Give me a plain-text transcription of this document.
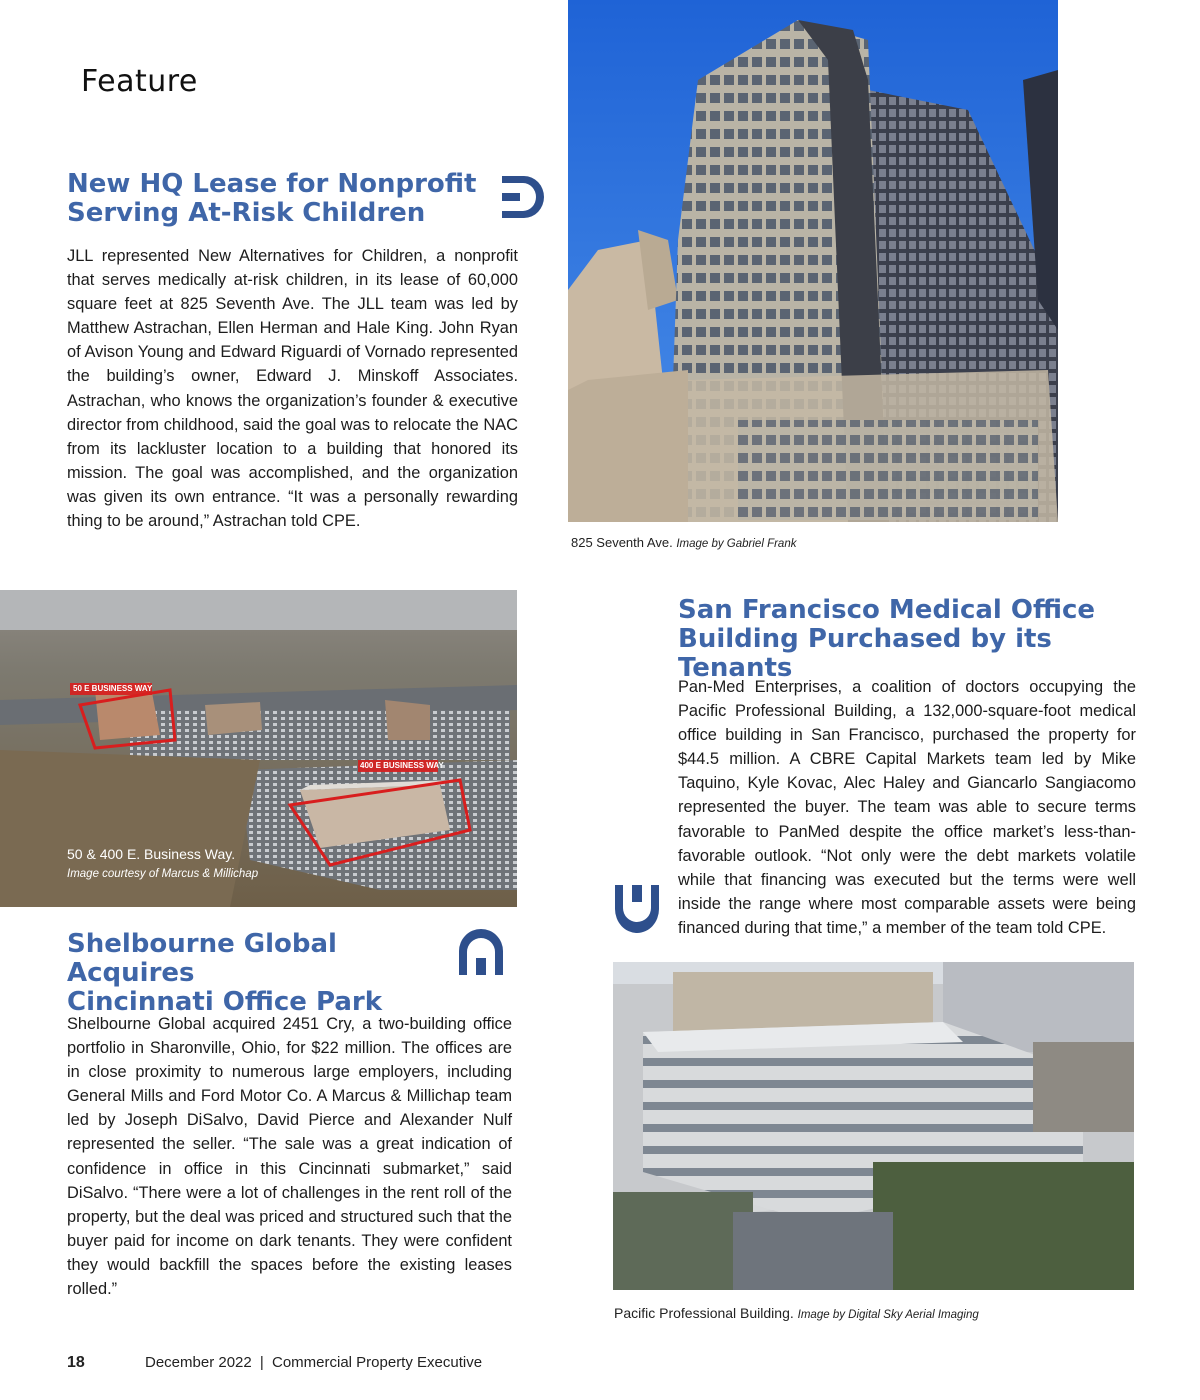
Feature

New HQ Lease for Nonprofit
Serving At-Risk Children

JLL represented New Alternatives for Children, a nonprofit that serves medically at-risk children, in its lease of 60,000 square feet at 825 Seventh Ave. The JLL team was led by Matthew Astrachan, Ellen Herman and Hale King. John Ryan of Avison Young and Edward Riguardi of Vornado represented the building’s owner, Edward J. Minskoff Associates. Astrachan, who knows the organization’s founder & executive director from childhood, said the goal was to relocate the NAC from its lackluster location to a building that honored its mission. The goal was accomplished, and the organization was given its own entrance. “It was a personally rewarding thing to be around,” Astrachan told CPE.

825 Seventh Ave. Image by Gabriel Frank
50 E BUSINESS WAY
400 E BUSINESS WAY
50 & 400 E. Business Way.
Image courtesy of Marcus & Millichap

San Francisco Medical Office
Building Purchased by its Tenants

Pan-Med Enterprises, a coalition of doctors occupying the Pacific Professional Building, a 132,000-square-foot medical office building in San Francisco, purchased the property for $44.5 million. A CBRE Capital Markets team led by Mike Taquino, Kyle Kovac, Alec Haley and Giancarlo Sangiacomo represented the buyer. The team was able to secure terms favorable to PanMed despite the office market’s less-than-favorable outlook. “Not only were the debt markets volatile while that financing was executed but the terms were well inside the range where most comparable assets were being financed during that time,” a member of the team told CPE.

Pacific Professional Building. Image by Digital Sky Aerial Imaging

Shelbourne Global Acquires
Cincinnati Office Park

Shelbourne Global acquired 2451 Cry, a two-building office portfolio in Sharonville, Ohio, for $22 million. The offices are in close proximity to numerous large employers, including General Mills and Ford Motor Co. A Marcus & Millichap team led by Joseph DiSalvo, David Pierce and Alexander Nulf represented the seller. “The sale was a great indication of confidence in office in this Cincinnati submarket,” said DiSalvo. “There were a lot of challenges in the rent roll of the property, but the deal was priced and structured such that the buyer paid for income on dark tenants. They were confident they would backfill the spaces before the existing leases rolled.”

18	December 2022 | Commercial Property Executive
